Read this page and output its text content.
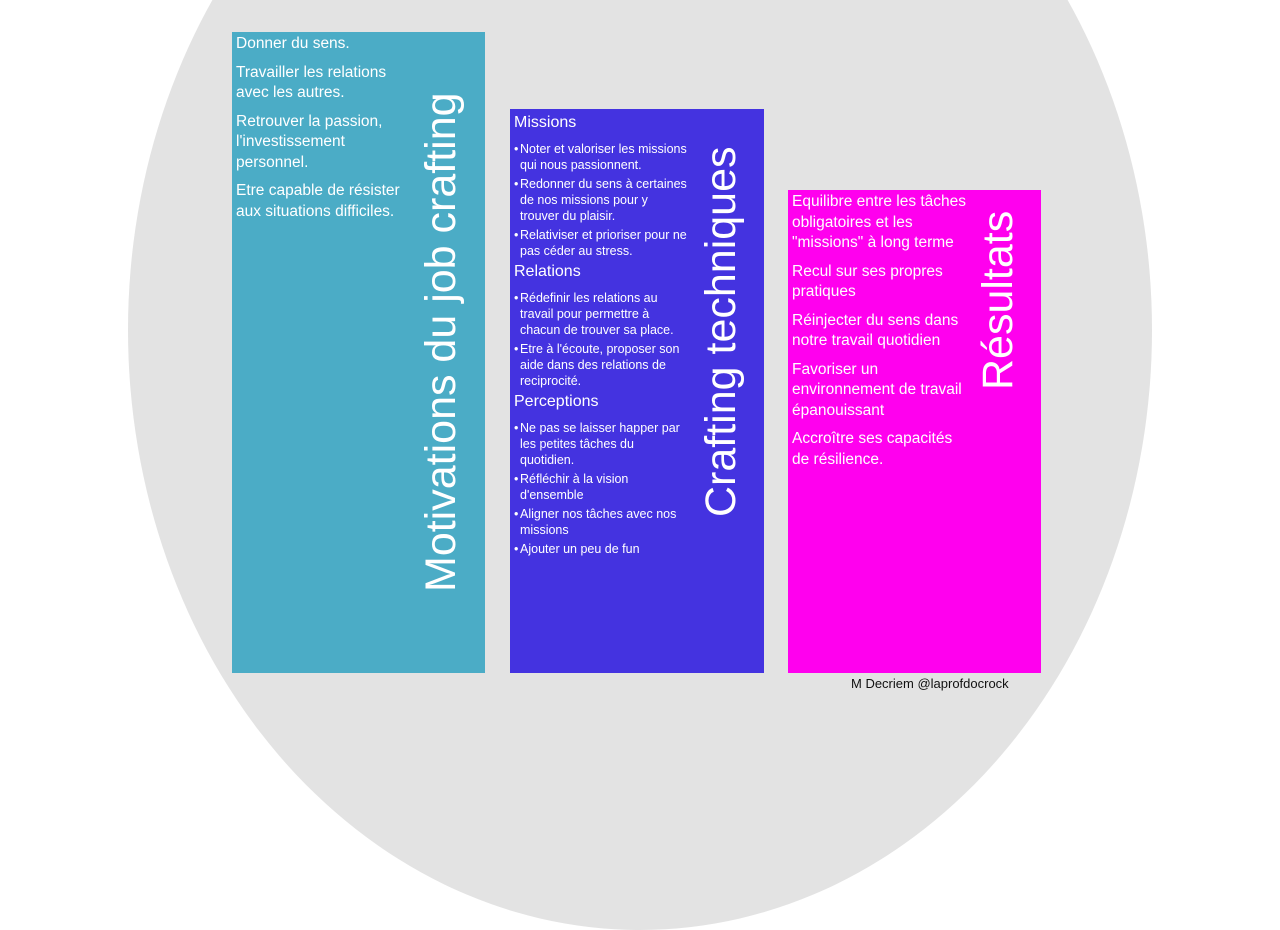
Donner du sens.

Travailler les relations avec les autres.

Retrouver la passion, l'investissement personnel.

Etre capable de résister aux situations difficiles. Motivations du job crafting	Missions
• Noter et valoriser les missions qui nous passionnent.
• Redonner du sens à certaines de nos missions pour y trouver du plaisir.
• Relativiser et prioriser pour ne pas céder au stress.
Relations
• Rédefinir les relations au travail pour permettre à chacun de trouver sa place.
• Etre à l'écoute, proposer son aide dans des relations de reciprocité.
Perceptions
• Ne pas se laisser happer par les petites tâches du quotidien.
• Réfléchir à la vision d'ensemble
• Aligner nos tâches avec nos missions
• Ajouter un peu de fun
Crafting techniques	Equilibre entre les tâches obligatoires et les "missions" à long terme

Recul sur ses propres pratiques

Réinjecter du sens dans notre travail quotidien

Favoriser un environnement de travail épanouissant

Accroître ses capacités de résilience.

Résultats
M Decriem @laprofdocrock
